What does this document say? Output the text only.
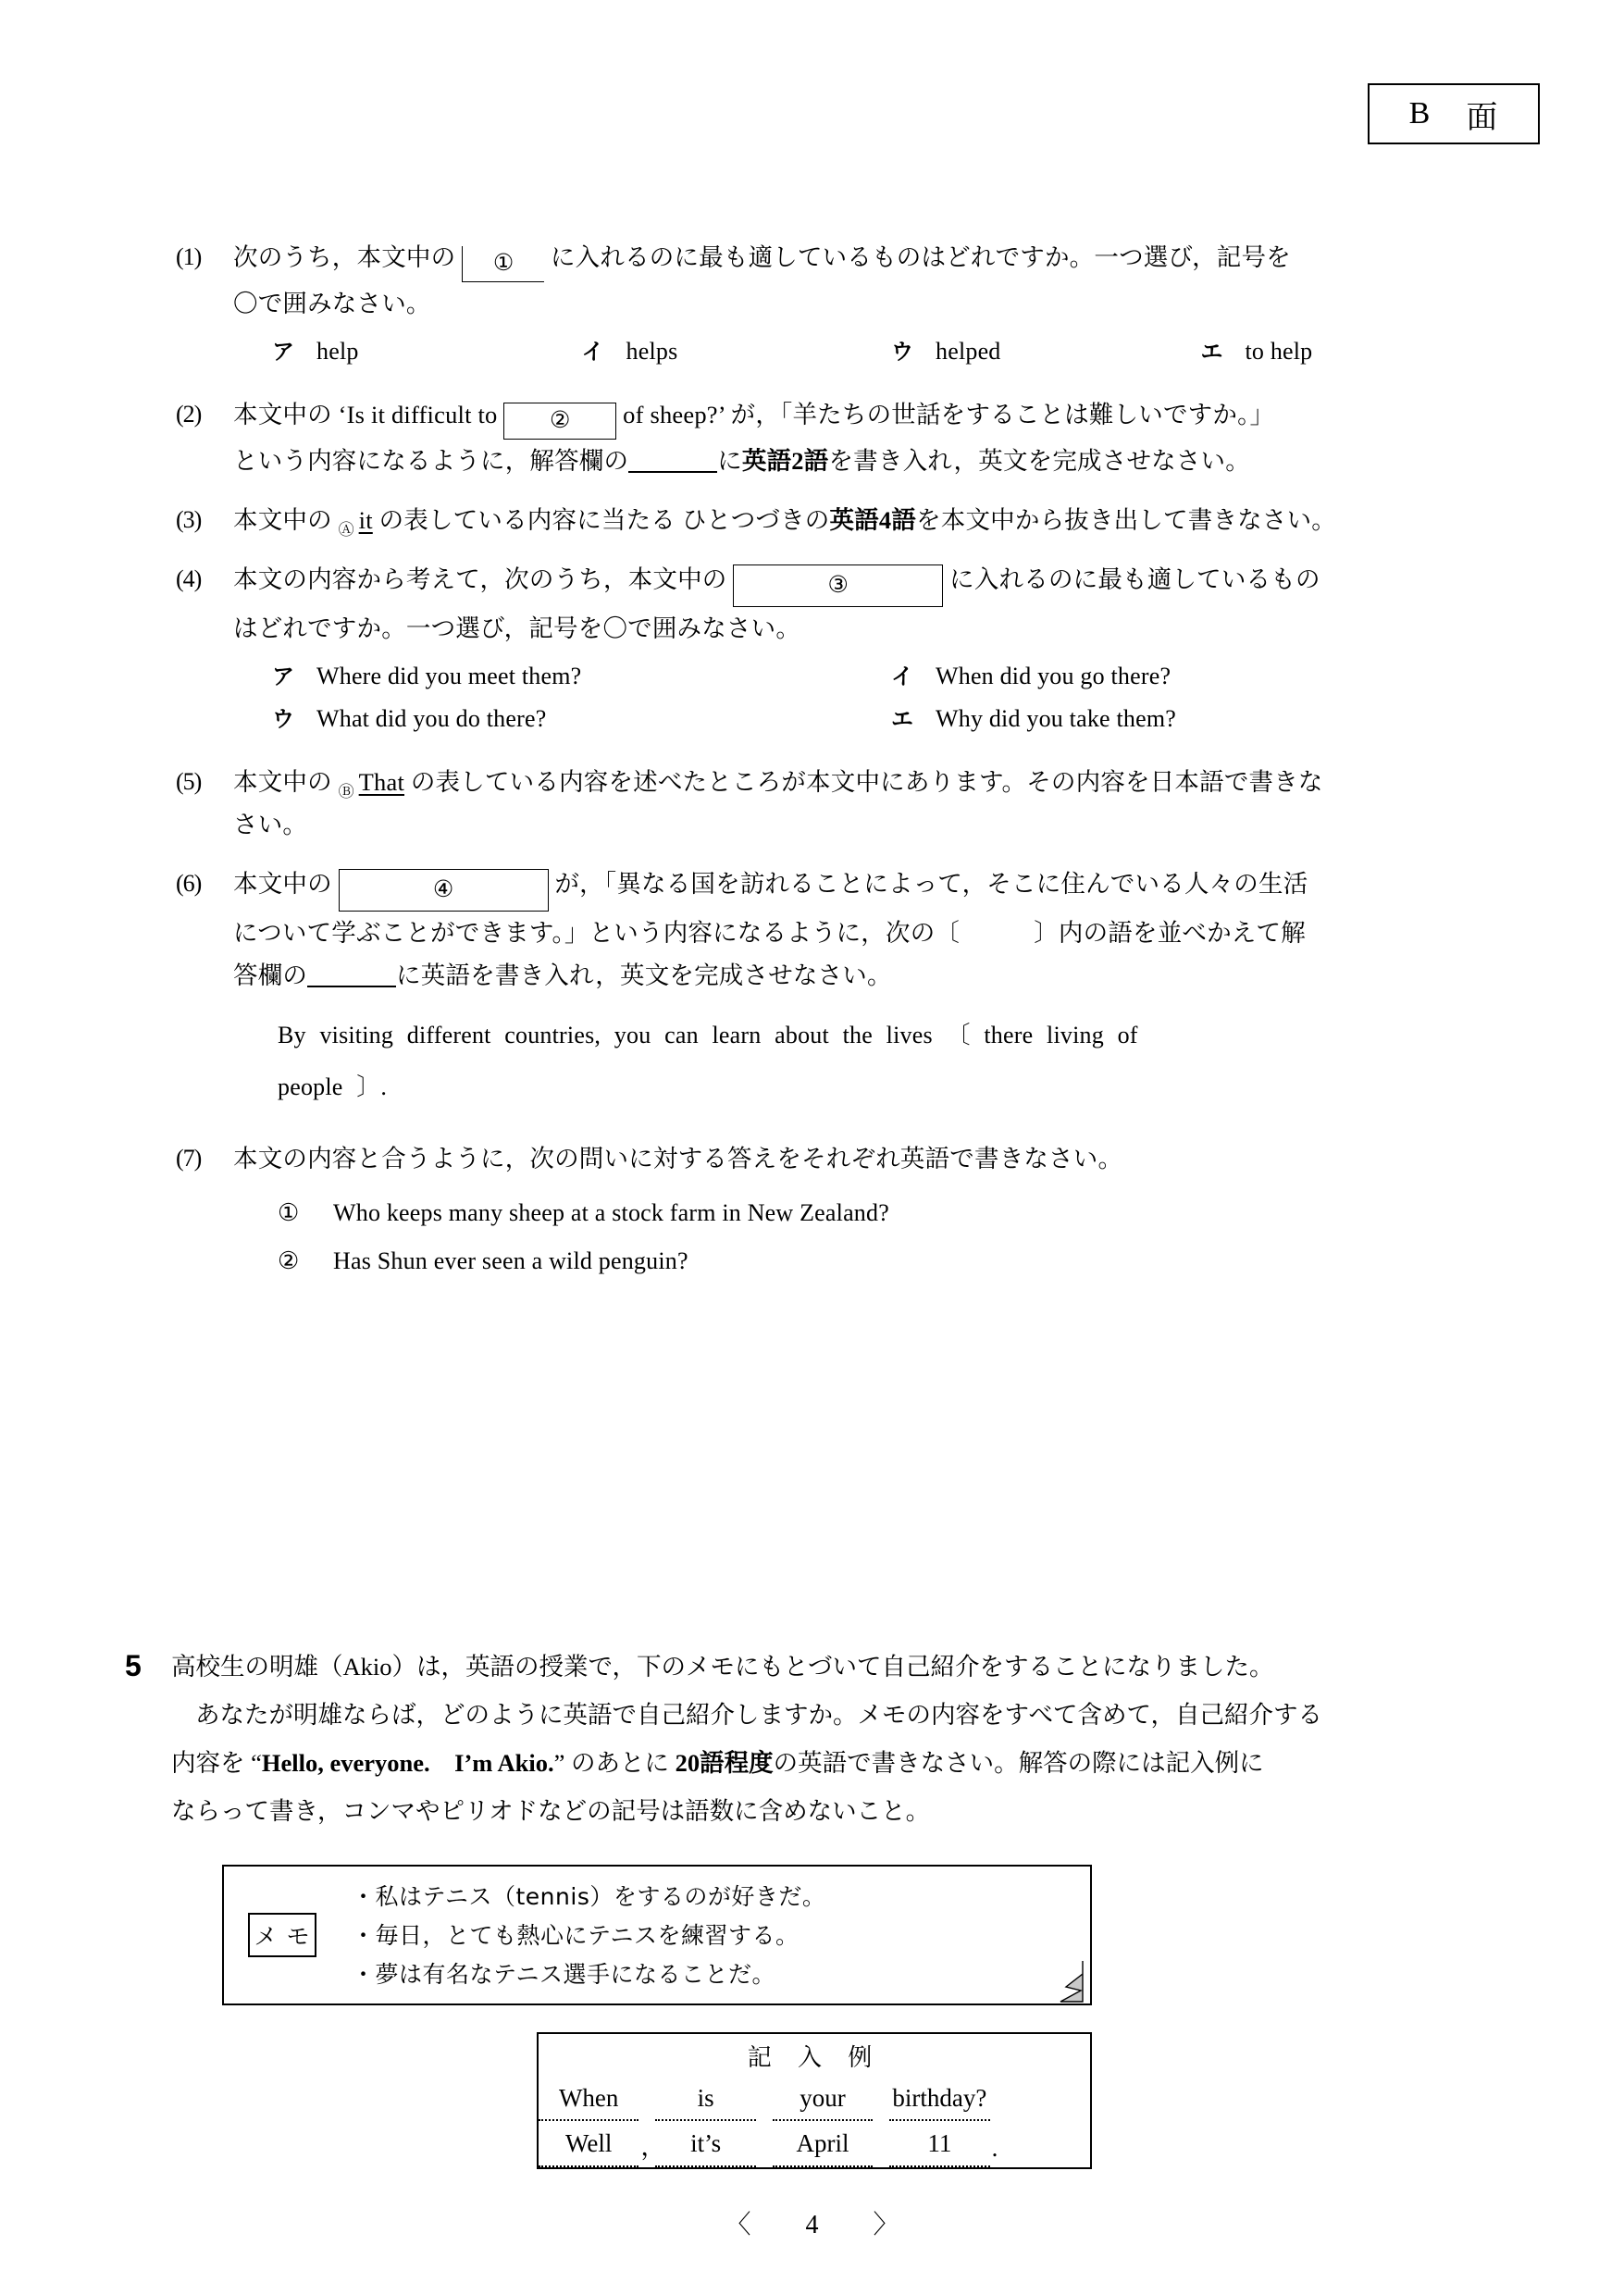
B 面
(1)	次のうち，本文中の ① に入れるのに最も適しているものはどれですか。一つ選び，記号を

〇で囲みなさい。

ア help	イ helps	ウ helped	エ to help
(2)	本文中の ‘Is it difficult to ② of sheep?’ が，「羊たちの世話をすることは難しいですか。」

という内容になるように，解答欄の	に英語2語を書き入れ，英文を完成させなさい。

(3)	本文中の Ⓐ it の表している内容に当たる ひとつづきの英語4語を本文中から抜き出して書きなさい。

(4)	本文の内容から考えて，次のうち，本文中の	③	に入れるのに最も適しているもの

はどれですか。一つ選び，記号を〇で囲みなさい。

ア Where did you meet them?	イ When did you go there?
ウ What did you do there?	エ Why did you take them?
(5)	本文中の Ⓑ That の表している内容を述べたところが本文中にあります。その内容を日本語で書きな

さい。

(6)	本文中の	④	が，「異なる国を訪れることによって，そこに住んでいる人々の生活

について学ぶことができます。」という内容になるように，次の〔　　　〕内の語を並べかえて解

答欄の	に英語を書き入れ，英文を完成させなさい。

By visiting different countries, you can learn about the lives 〔 there living of
people 〕.
(7)	本文の内容と合うように，次の問いに対する答えをそれぞれ英語で書きなさい。

①	Who keeps many sheep at a stock farm in New Zealand?
②	Has Shun ever seen a wild penguin?
5	高校生の明雄（Akio）は，英語の授業で，下のメモにもとづいて自己紹介をすることになりました。

あなたが明雄ならば，どのように英語で自己紹介しますか。メモの内容をすべて含めて，自己紹介する

内容を “Hello, everyone.　I’m Akio.” のあとに 20語程度の英語で書きなさい。解答の際には記入例に

ならって書き，コンマやピリオドなどの記号は語数に含めないこと。

メ モ
・私はテニス（tennis）をするのが好きだ。
・毎日，とても熱心にテニスを練習する。
・夢は有名なテニス選手になることだ。
記 入 例
When		is		your		birthday?	
Well	，	it’s		April		11	.
〈 4 〉
